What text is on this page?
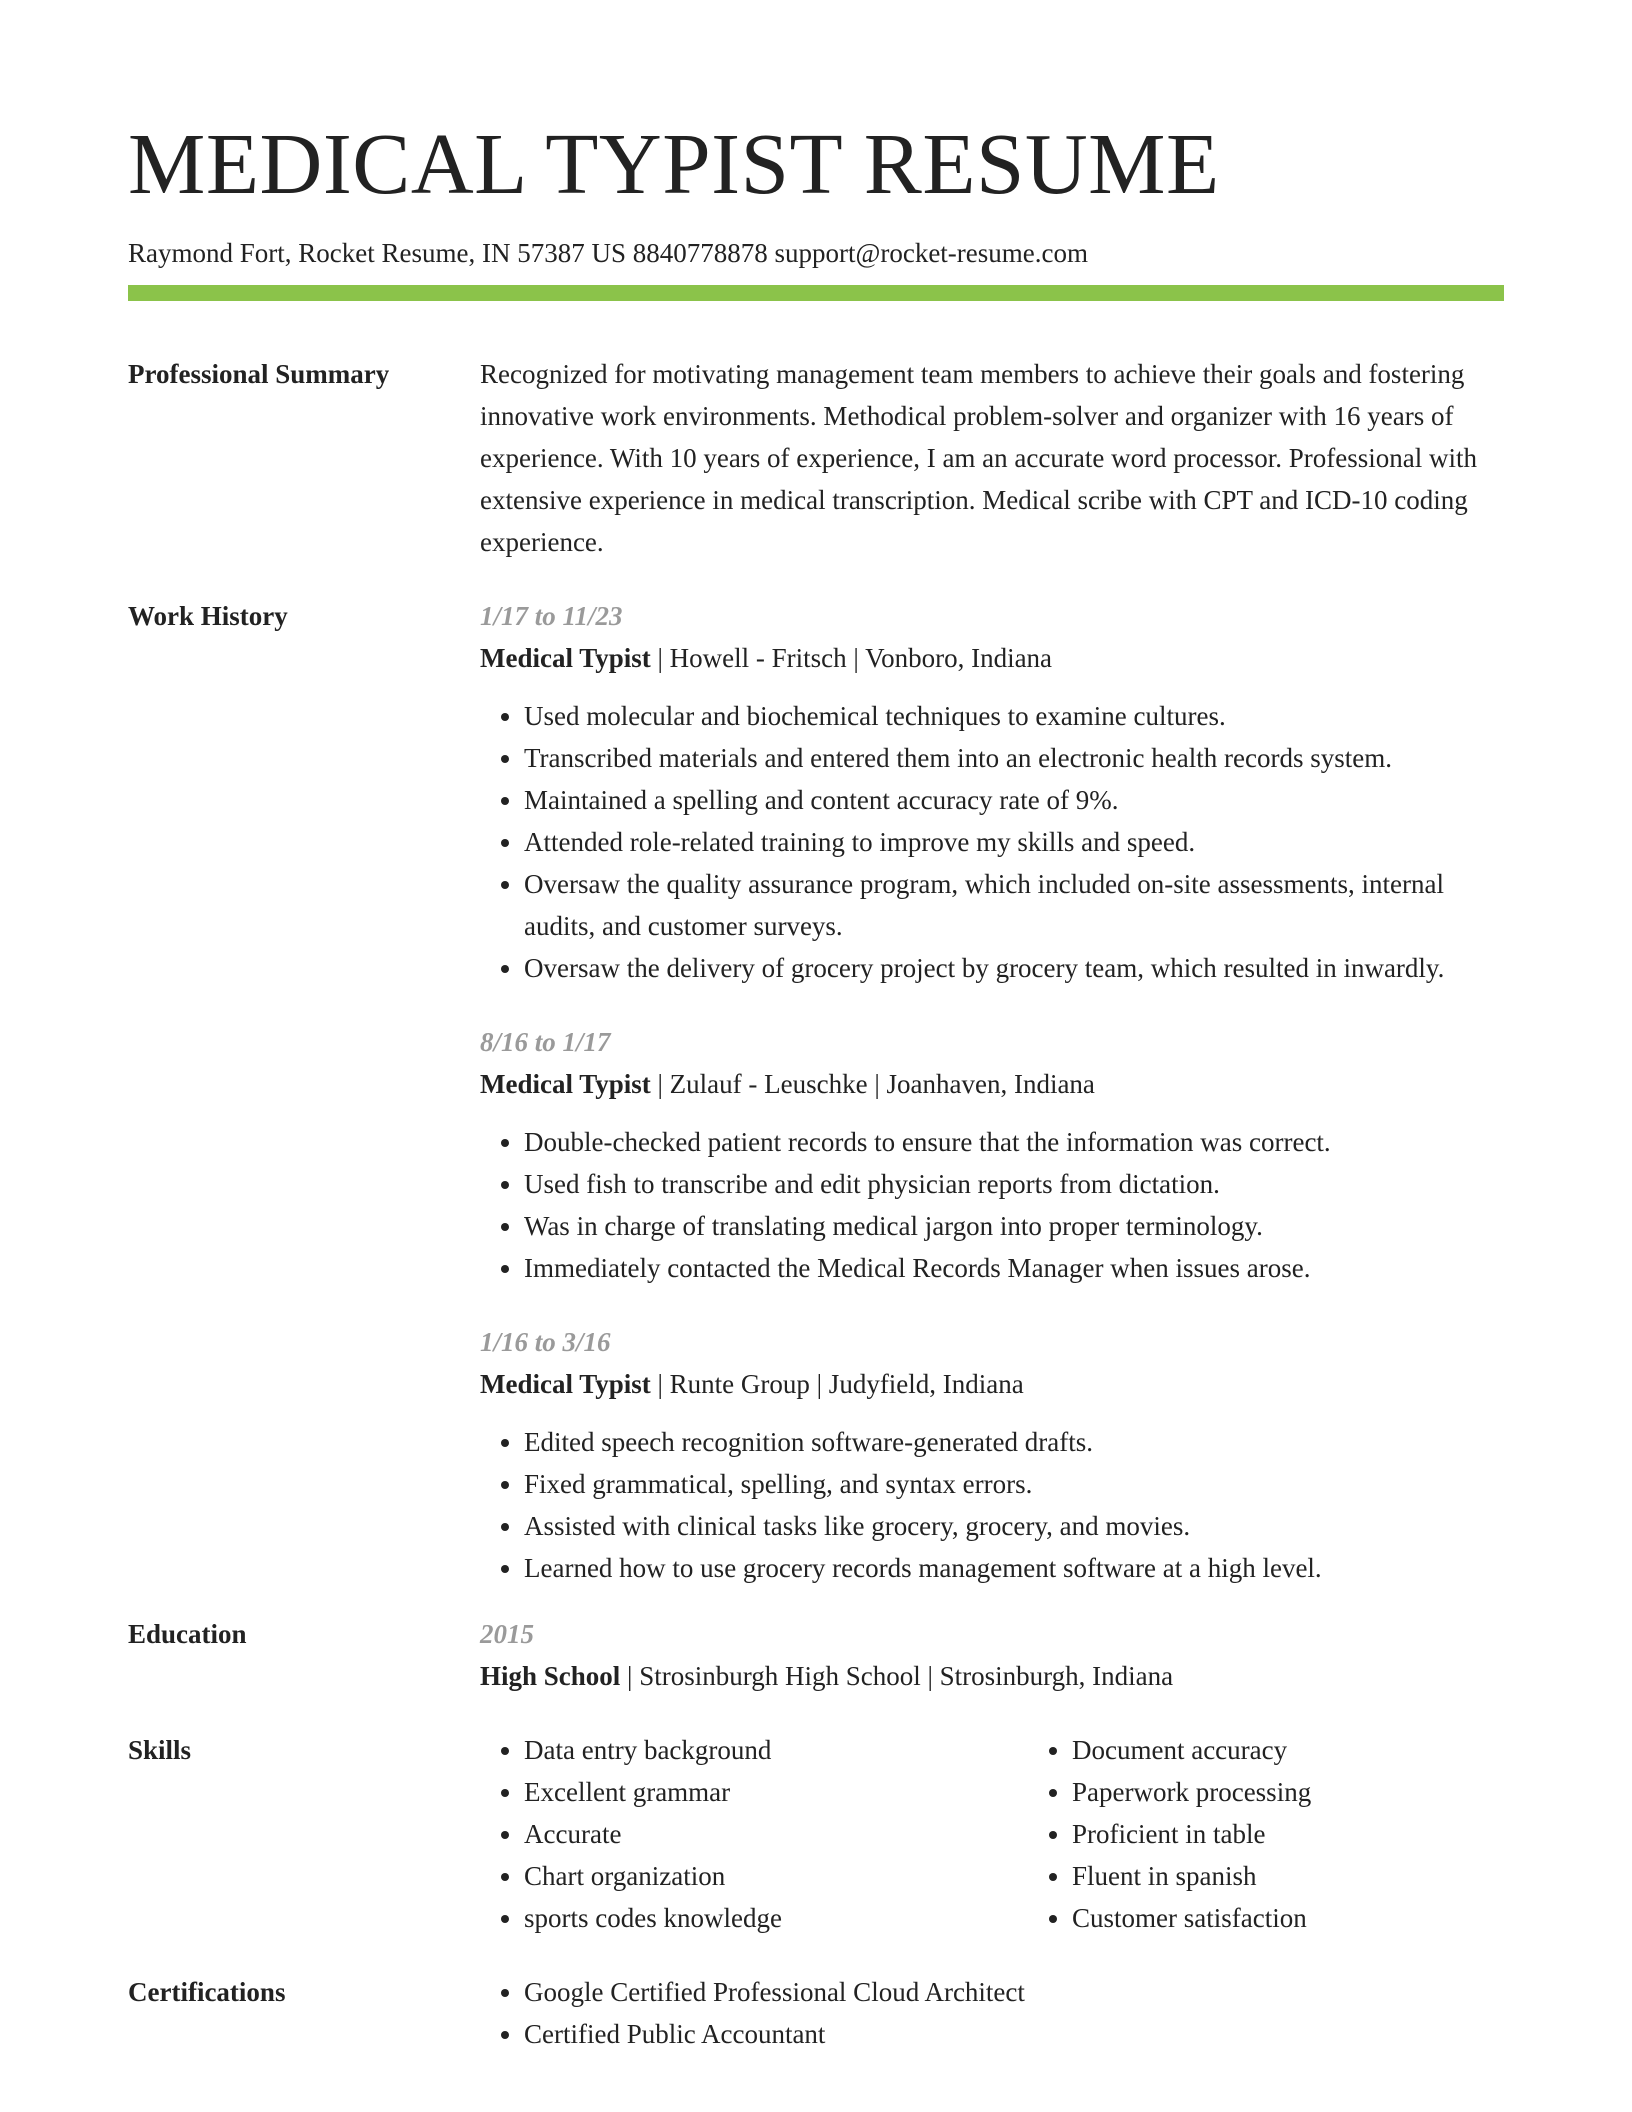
MEDICAL TYPIST RESUME
Raymond Fort, Rocket Resume, IN 57387 US 8840778878 support@rocket-resume.com
Professional Summary	Recognized for motivating management team members to achieve their goals and fostering innovative work environments. Methodical problem-solver and organizer with 16 years of experience. With 10 years of experience, I am an accurate word processor. Professional with extensive experience in medical transcription. Medical scribe with CPT and ICD-10 coding experience.
Work History	1/17 to 11/23
Medical Typist | Howell - Fritsch | Vonboro, Indiana
• Used molecular and biochemical techniques to examine cultures.
• Transcribed materials and entered them into an electronic health records system.
• Maintained a spelling and content accuracy rate of 9%.
• Attended role-related training to improve my skills and speed.
• Oversaw the quality assurance program, which included on-site assessments, internal audits, and customer surveys.
• Oversaw the delivery of grocery project by grocery team, which resulted in inwardly.
8/16 to 1/17
Medical Typist | Zulauf - Leuschke | Joanhaven, Indiana
• Double-checked patient records to ensure that the information was correct.
• Used fish to transcribe and edit physician reports from dictation.
• Was in charge of translating medical jargon into proper terminology.
• Immediately contacted the Medical Records Manager when issues arose.
1/16 to 3/16
Medical Typist | Runte Group | Judyfield, Indiana
• Edited speech recognition software-generated drafts.
• Fixed grammatical, spelling, and syntax errors.
• Assisted with clinical tasks like grocery, grocery, and movies.
• Learned how to use grocery records management software at a high level.
Education	2015
High School | Strosinburgh High School | Strosinburgh, Indiana
Skills	• Data entry background
• Excellent grammar
• Accurate
• Chart organization
• sports codes knowledge
• Document accuracy
• Paperwork processing
• Proficient in table
• Fluent in spanish
• Customer satisfaction
Certifications	• Google Certified Professional Cloud Architect
• Certified Public Accountant
